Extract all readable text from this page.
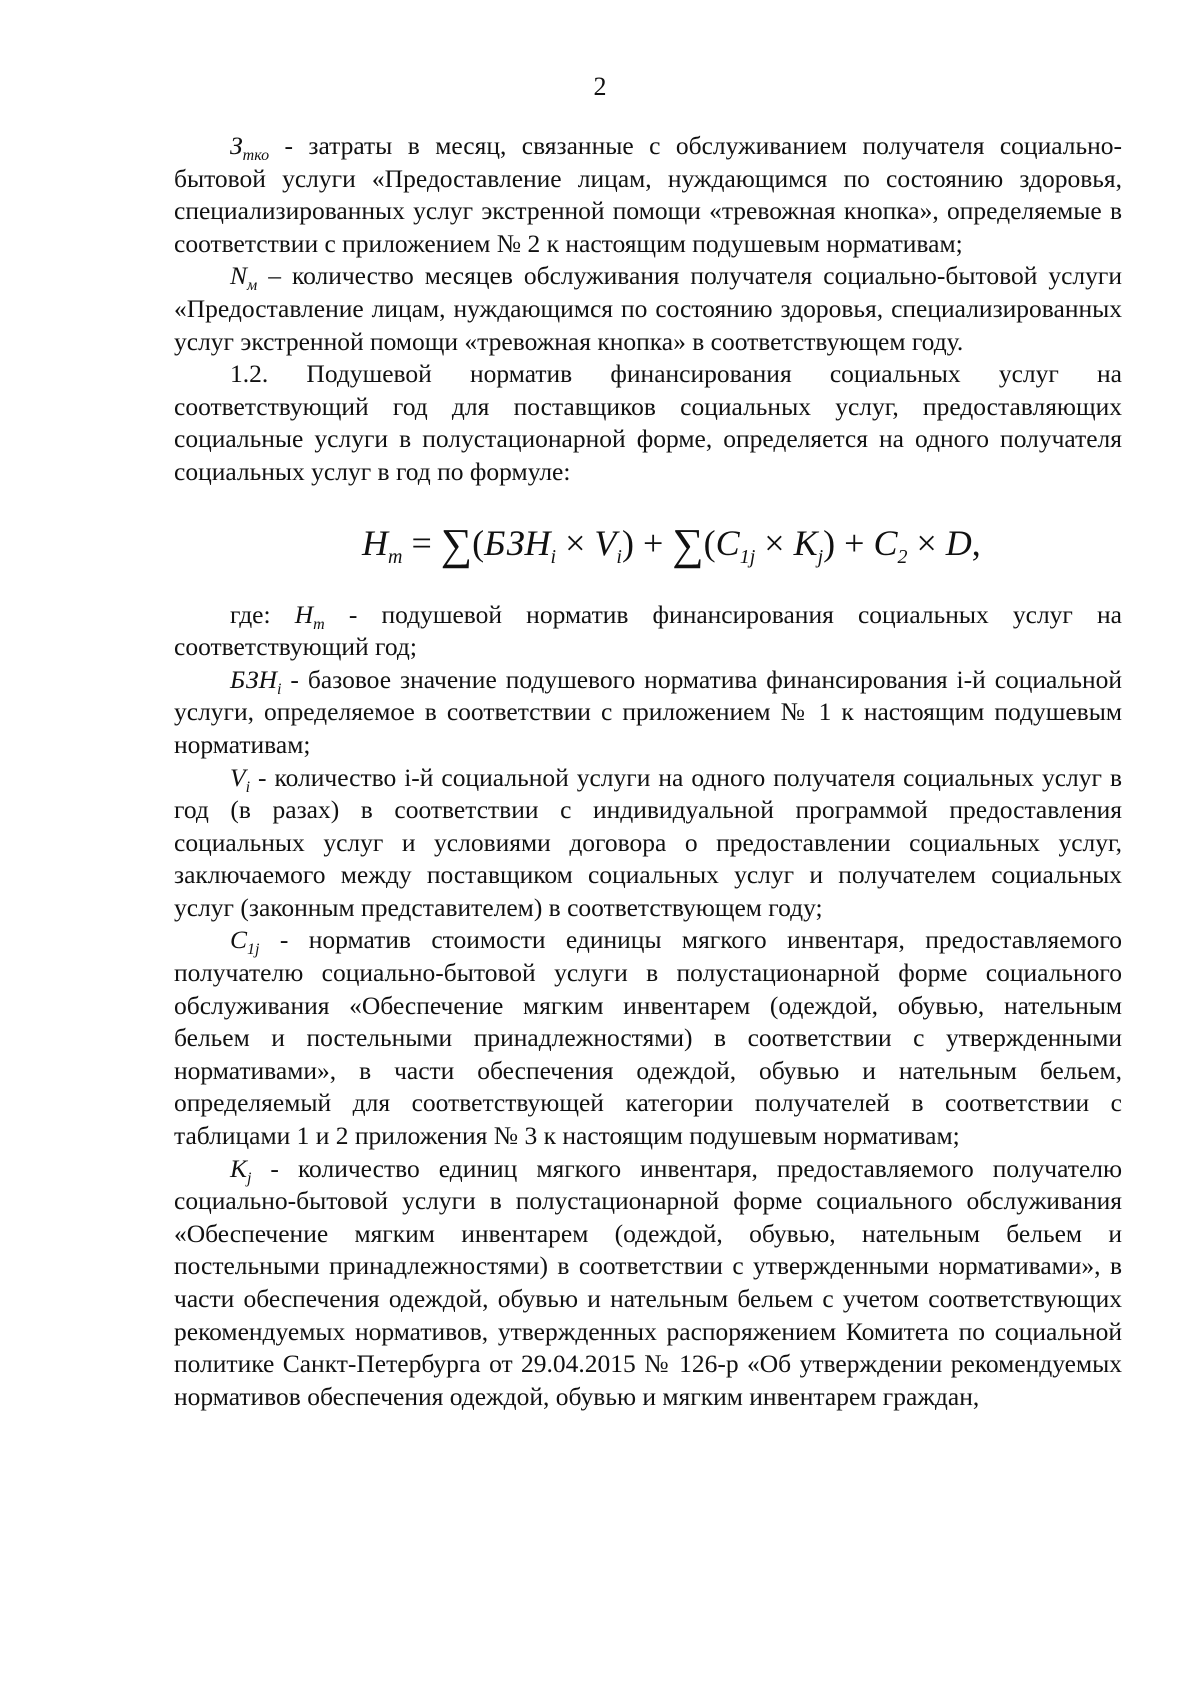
2

$З_{тко}$ - затраты в месяц, связанные с обслуживанием получателя социально-бытовой услуги «Предоставление лицам, нуждающимся по состоянию здоровья, специализированных услуг экстренной помощи «тревожная кнопка», определяемые в соответствии с приложением № 2 к настоящим подушевым нормативам;

$N_м$ – количество месяцев обслуживания получателя социально-бытовой услуги «Предоставление лицам, нуждающимся по состоянию здоровья, специализированных услуг экстренной помощи «тревожная кнопка» в соответствующем году.

1.2. Подушевой норматив финансирования социальных услуг на соответствующий год для поставщиков социальных услуг, предоставляющих социальные услуги в полустационарной форме, определяется на одного получателя социальных услуг в год по формуле:

$H_m = \sum(БЗН_i \times V_i) + \sum(C_{1j} \times K_j) + C_2 \times D$,

где: $Н_m$ - подушевой норматив финансирования социальных услуг на соответствующий год;

$БЗН_i$ - базовое значение подушевого норматива финансирования i-й социальной услуги, определяемое в соответствии с приложением № 1 к настоящим подушевым нормативам;

$V_i$ - количество i-й социальной услуги на одного получателя социальных услуг в год (в разах) в соответствии с индивидуальной программой предоставления социальных услуг и условиями договора о предоставлении социальных услуг, заключаемого между поставщиком социальных услуг и получателем социальных услуг (законным представителем) в соответствующем году;

$С_{1j}$ - норматив стоимости единицы мягкого инвентаря, предоставляемого получателю социально-бытовой услуги в полустационарной форме социального обслуживания «Обеспечение мягким инвентарем (одеждой, обувью, нательным бельем и постельными принадлежностями) в соответствии с утвержденными нормативами», в части обеспечения одеждой, обувью и нательным бельем, определяемый для соответствующей категории получателей в соответствии с таблицами 1 и 2 приложения № 3 к настоящим подушевым нормативам;

$К_j$ - количество единиц мягкого инвентаря, предоставляемого получателю социально-бытовой услуги в полустационарной форме социального обслуживания «Обеспечение мягким инвентарем (одеждой, обувью, нательным бельем и постельными принадлежностями) в соответствии с утвержденными нормативами», в части обеспечения одеждой, обувью и нательным бельем с учетом соответствующих рекомендуемых нормативов, утвержденных распоряжением Комитета по социальной политике Санкт-Петербурга от 29.04.2015 № 126-р «Об утверждении рекомендуемых нормативов обеспечения одеждой, обувью и мягким инвентарем граждан,
